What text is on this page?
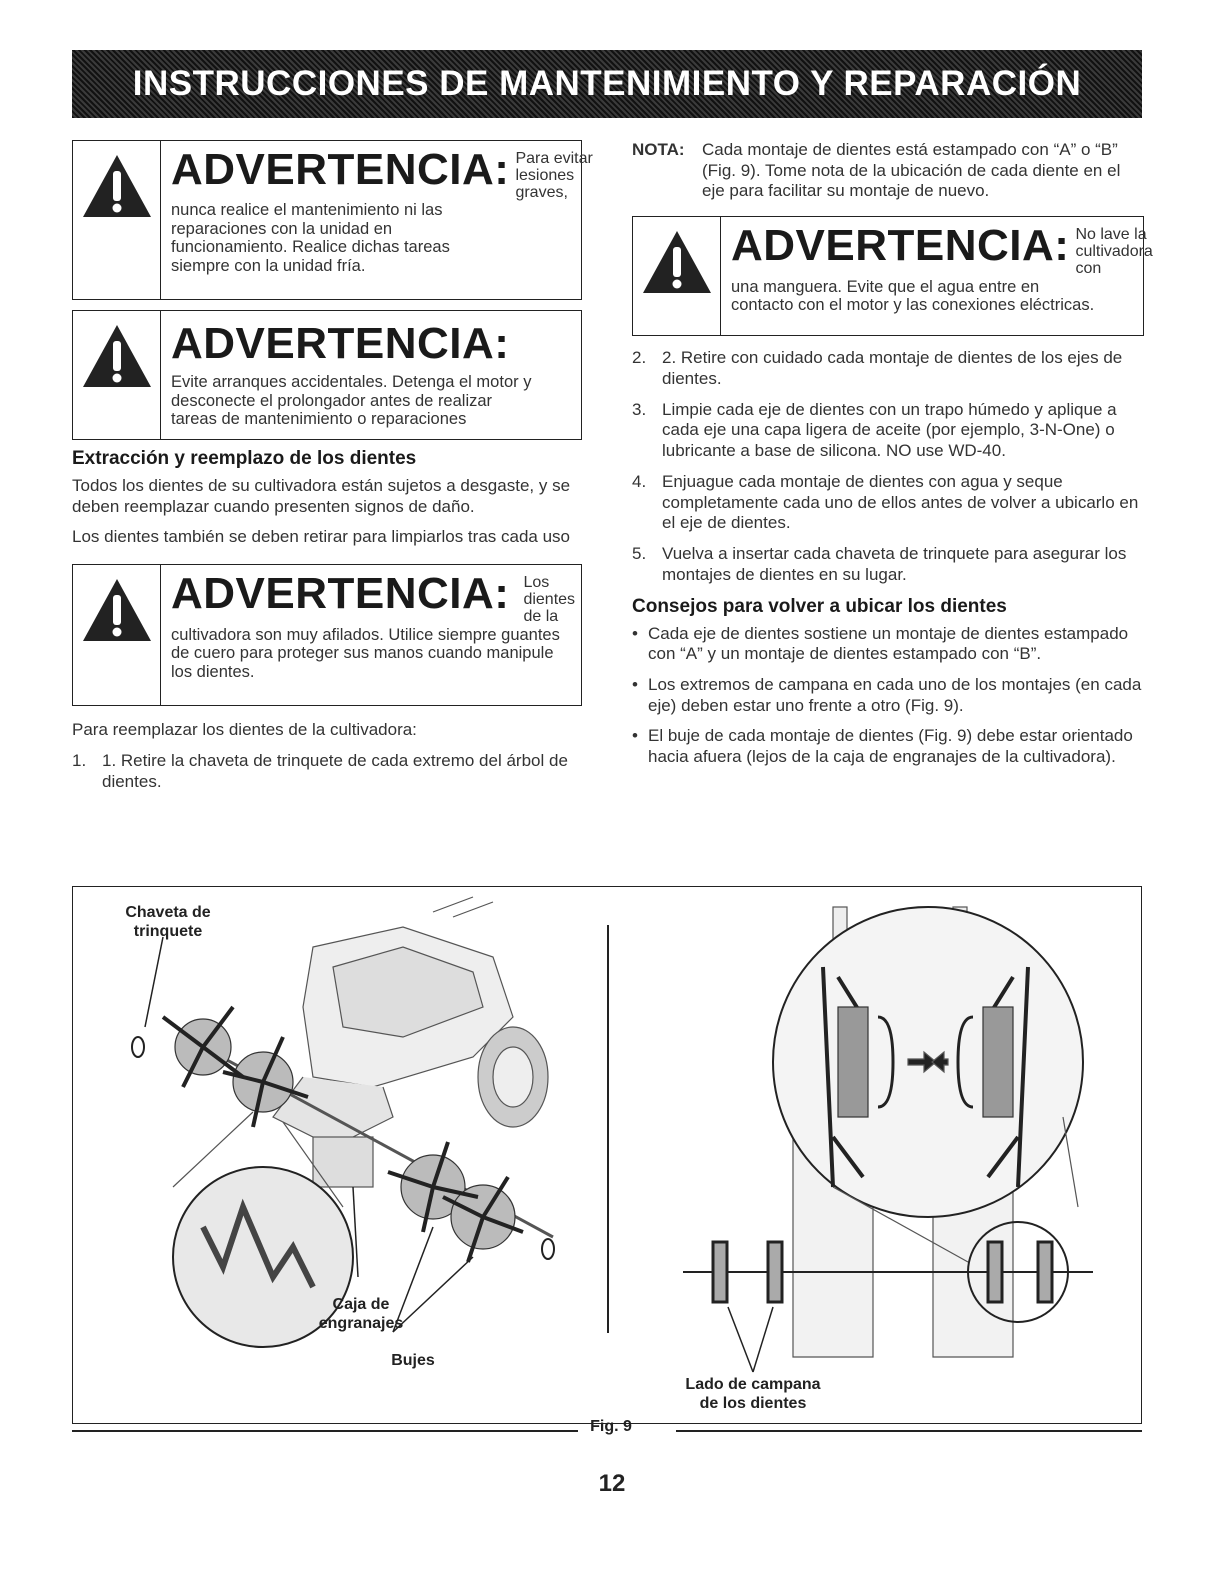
INSTRUCCIONES DE MANTENIMIENTO Y REPARACIÓN
ADVERTENCIA: Para evitar lesiones graves,
nunca realice el mantenimiento ni las reparaciones con la unidad en funcionamiento. Realice dichas tareas siempre con la unidad fría.
ADVERTENCIA:
Evite arranques accidentales. Detenga el motor y desconecte el prolongador antes de realizar tareas de mantenimiento o reparaciones
Extracción y reemplazo de los dientes

Todos los dientes de su cultivadora están sujetos a desgaste, y se deben reemplazar cuando presenten signos de daño.

Los dientes también se deben retirar para limpiarlos tras cada uso

ADVERTENCIA: Los dientes de la
cultivadora son muy afilados. Utilice siempre guantes de cuero para proteger sus manos cuando manipule los dientes.

Para reemplazar los dientes de la cultivadora:

1. 1. Retire la chaveta de trinquete de cada extremo del árbol de dientes.
NOTA:	Cada montaje de dientes está estampado con “A” o “B” (Fig. 9). Tome nota de la ubicación de cada diente en el eje para facilitar su montaje de nuevo.
ADVERTENCIA: No lave la cultivadora con
una manguera. Evite que el agua entre en contacto con el motor y las conexiones eléctricas.
2. 2. Retire con cuidado cada montaje de dientes de los ejes de dientes.
3. Limpie cada eje de dientes con un trapo húmedo y aplique a cada eje una capa ligera de aceite (por ejemplo, 3-N-One) o lubricante a base de silicona. NO use WD-40.
4. Enjuague cada montaje de dientes con agua y seque completamente cada uno de ellos antes de volver a ubicarlo en el eje de dientes.
5. Vuelva a insertar cada chaveta de trinquete para asegurar los montajes de dientes en su lugar.
Consejos para volver a ubicar los dientes
• Cada eje de dientes sostiene un montaje de dientes estampado con “A” y un montaje de dientes estampado con “B”.
• Los extremos de campana en cada uno de los montajes (en cada eje) deben estar uno frente a otro (Fig. 9).
• El buje de cada montaje de dientes (Fig. 9) debe estar orientado hacia afuera (lejos de la caja de engranajes de la cultivadora).
Chaveta de
trinquete
Caja de
engranajes
Bujes
Lado de campana
de los dientes
Fig. 9
12
